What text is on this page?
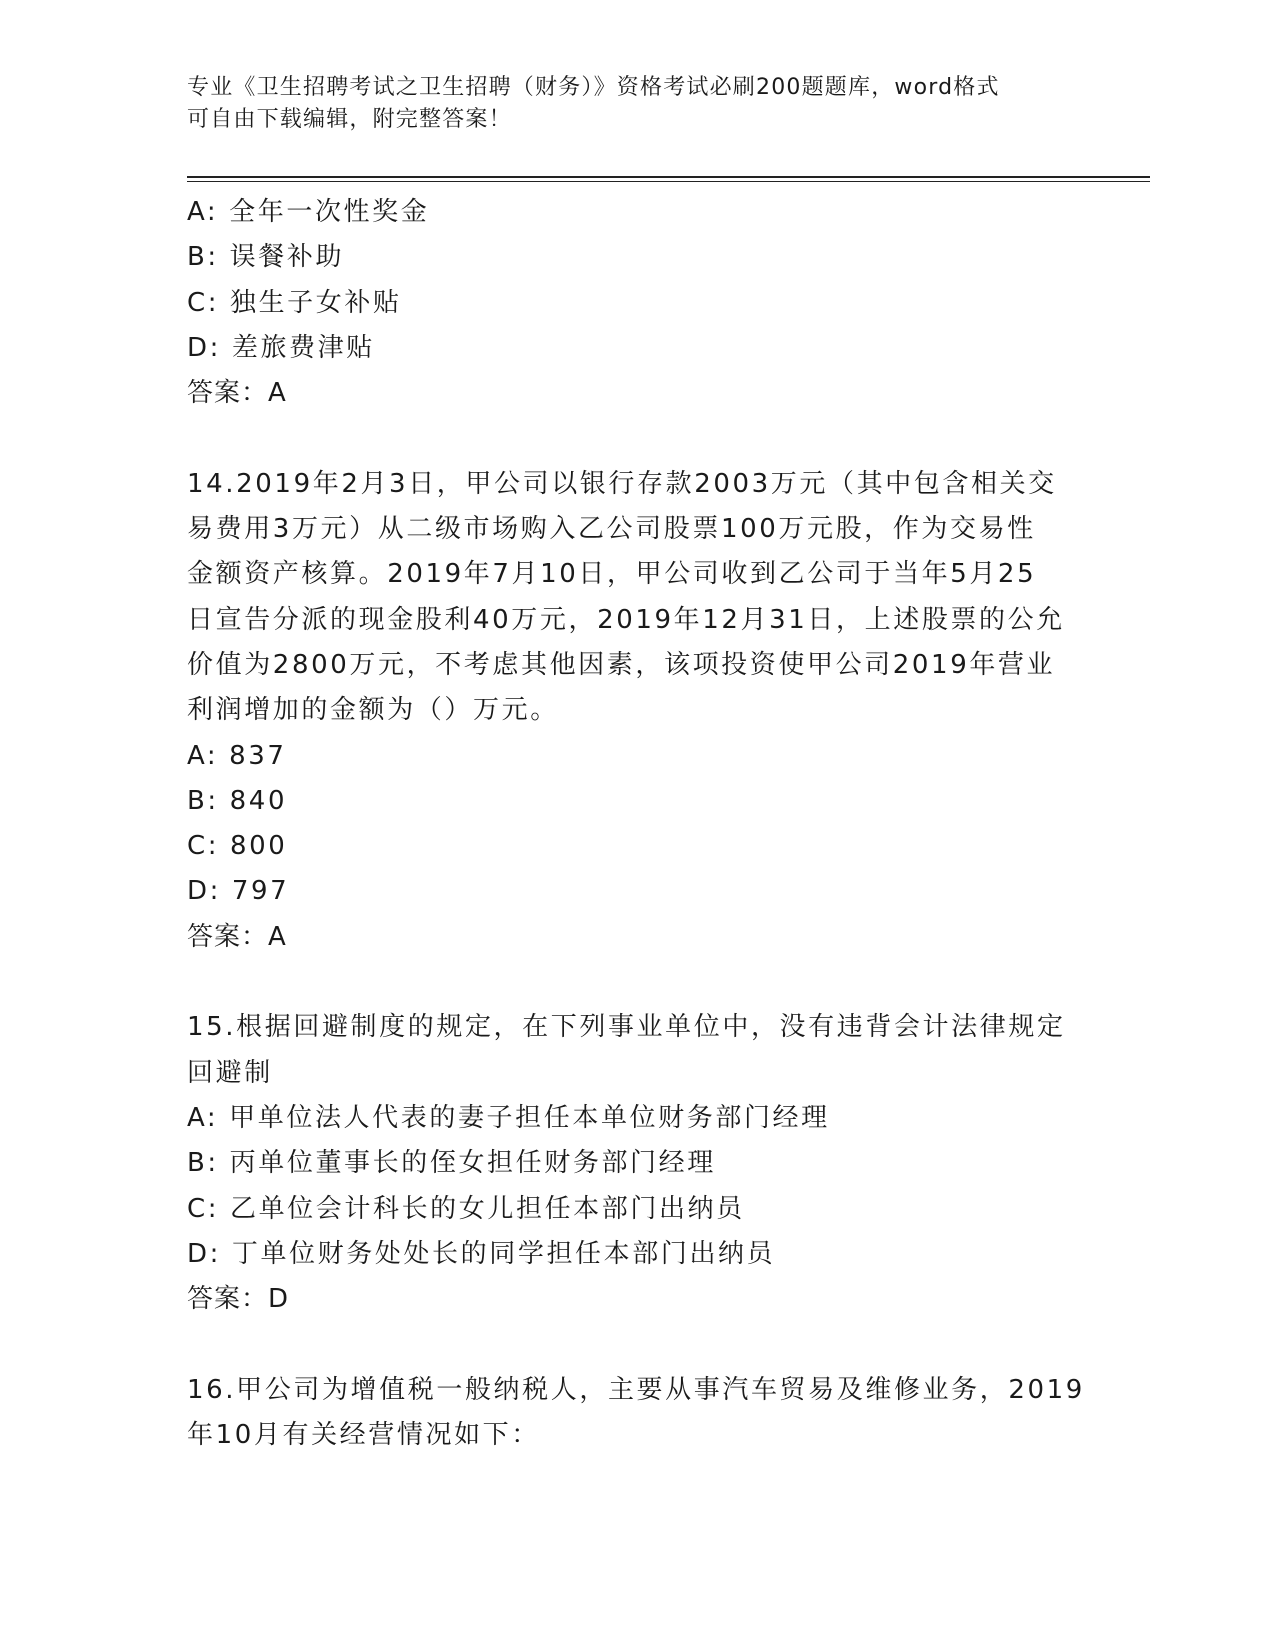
专业《卫生招聘考试之卫生招聘（财务）》资格考试必刷200题题库，word格式
可自由下载编辑，附完整答案！
A: 全年一次性奖金
B: 误餐补助
C: 独生子女补贴
D: 差旅费津贴
答案：A
14.2019年2月3日，甲公司以银行存款2003万元（其中包含相关交
易费用3万元）从二级市场购入乙公司股票100万元股，作为交易性
金额资产核算。2019年7月10日，甲公司收到乙公司于当年5月25
日宣告分派的现金股利40万元，2019年12月31日，上述股票的公允
价值为2800万元，不考虑其他因素，该项投资使甲公司2019年营业
利润增加的金额为（）万元。
A: 837
B: 840
C: 800
D: 797
答案：A
15.根据回避制度的规定，在下列事业单位中，没有违背会计法律规定
回避制
A: 甲单位法人代表的妻子担任本单位财务部门经理
B: 丙单位董事长的侄女担任财务部门经理
C: 乙单位会计科长的女儿担任本部门出纳员
D: 丁单位财务处处长的同学担任本部门出纳员
答案：D
16.甲公司为增值税一般纳税人，主要从事汽车贸易及维修业务，2019
年10月有关经营情况如下：
